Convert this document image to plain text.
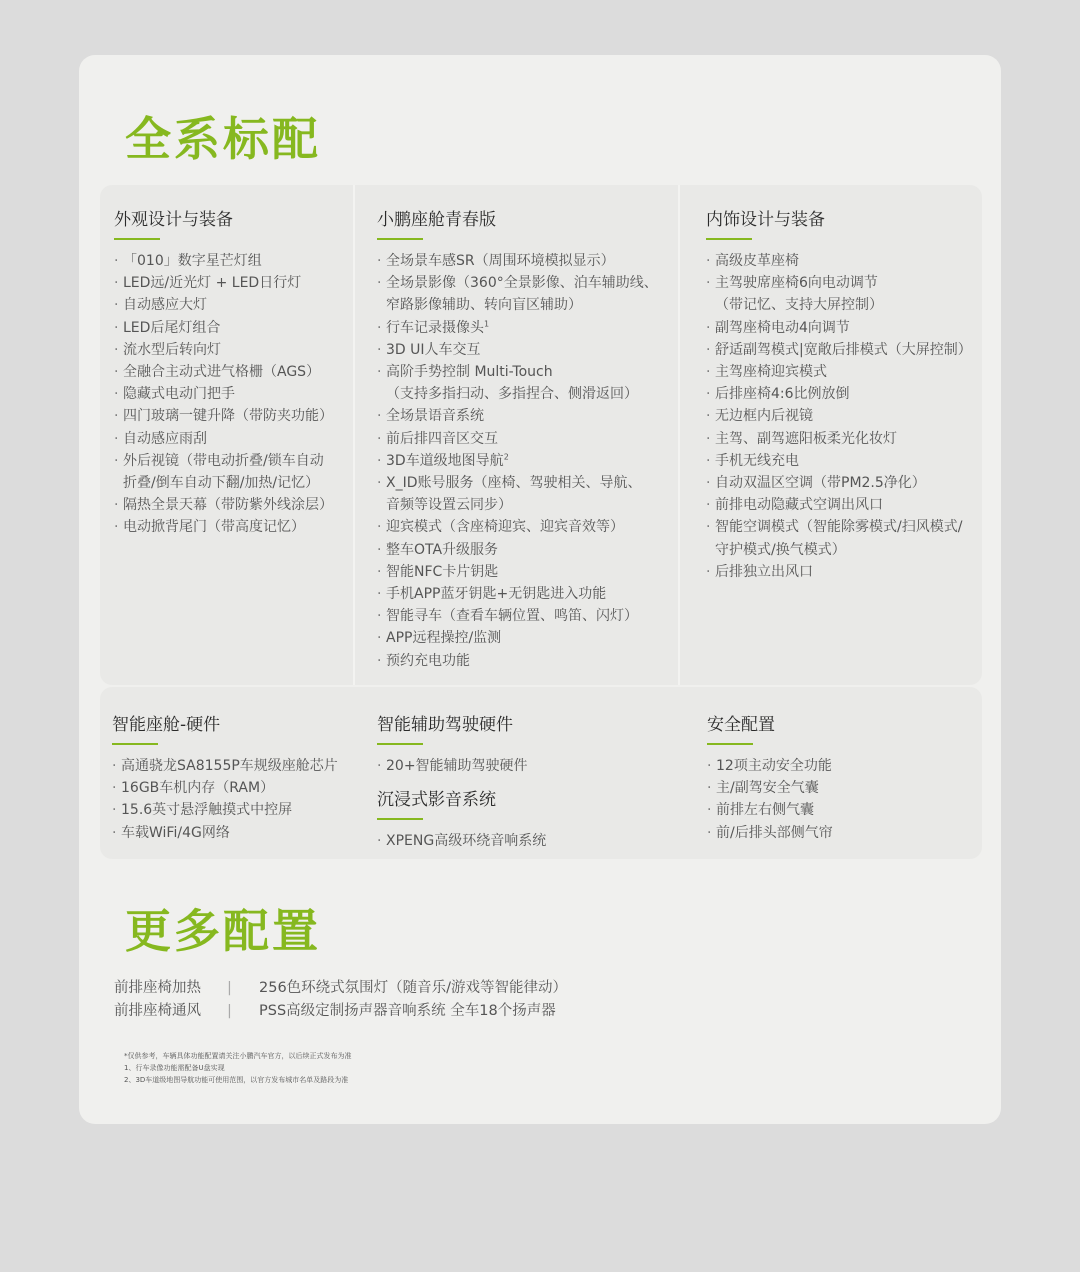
全系标配
外观设计与装备
· 「010」数字星芒灯组
· LED远/近光灯 + LED日行灯
· 自动感应大灯
· LED后尾灯组合
· 流水型后转向灯
· 全融合主动式进气格栅（AGS）
· 隐藏式电动门把手
· 四门玻璃一键升降（带防夹功能）
· 自动感应雨刮
· 外后视镜（带电动折叠/锁车自动
折叠/倒车自动下翻/加热/记忆）
· 隔热全景天幕（带防紫外线涂层）
· 电动掀背尾门（带高度记忆）
小鹏座舱青春版
· 全场景车感SR（周围环境模拟显示）
· 全场景影像（360°全景影像、泊车辅助线、
窄路影像辅助、转向盲区辅助）
· 行车记录摄像头$^1$
· 3D UI人车交互
· 高阶手势控制 Multi-Touch
（支持多指扫动、多指捏合、侧滑返回）
· 全场景语音系统
· 前后排四音区交互
· 3D车道级地图导航$^2$
· X_ID账号服务（座椅、驾驶相关、导航、
音频等设置云同步）
· 迎宾模式（含座椅迎宾、迎宾音效等）
· 整车OTA升级服务
· 智能NFC卡片钥匙
· 手机APP蓝牙钥匙+无钥匙进入功能
· 智能寻车（查看车辆位置、鸣笛、闪灯）
· APP远程操控/监测
· 预约充电功能
内饰设计与装备
· 高级皮革座椅
· 主驾驶席座椅6向电动调节
（带记忆、支持大屏控制）
· 副驾座椅电动4向调节
· 舒适副驾模式|宽敞后排模式（大屏控制）
· 主驾座椅迎宾模式
· 后排座椅4:6比例放倒
· 无边框内后视镜
· 主驾、副驾遮阳板柔光化妆灯
· 手机无线充电
· 自动双温区空调（带PM2.5净化）
· 前排电动隐藏式空调出风口
· 智能空调模式（智能除雾模式/扫风模式/
守护模式/换气模式）
· 后排独立出风口
智能座舱-硬件
· 高通骁龙SA8155P车规级座舱芯片
· 16GB车机内存（RAM）
· 15.6英寸悬浮触摸式中控屏
· 车载WiFi/4G网络
智能辅助驾驶硬件
· 20+智能辅助驾驶硬件
沉浸式影音系统
· XPENG高级环绕音响系统
安全配置
· 12项主动安全功能
· 主/副驾安全气囊
· 前排左右侧气囊
· 前/后排头部侧气帘
更多配置
前排座椅加热	|	256色环绕式氛围灯（随音乐/游戏等智能律动）
前排座椅通风	|	PSS高级定制扬声器音响系统 全车18个扬声器
*仅供参考，车辆具体功能配置请关注小鹏汽车官方，以后续正式发布为准
1、行车录像功能需配备U盘实现
2、3D车道级地图导航功能可使用范围，以官方发布城市名单及路段为准
